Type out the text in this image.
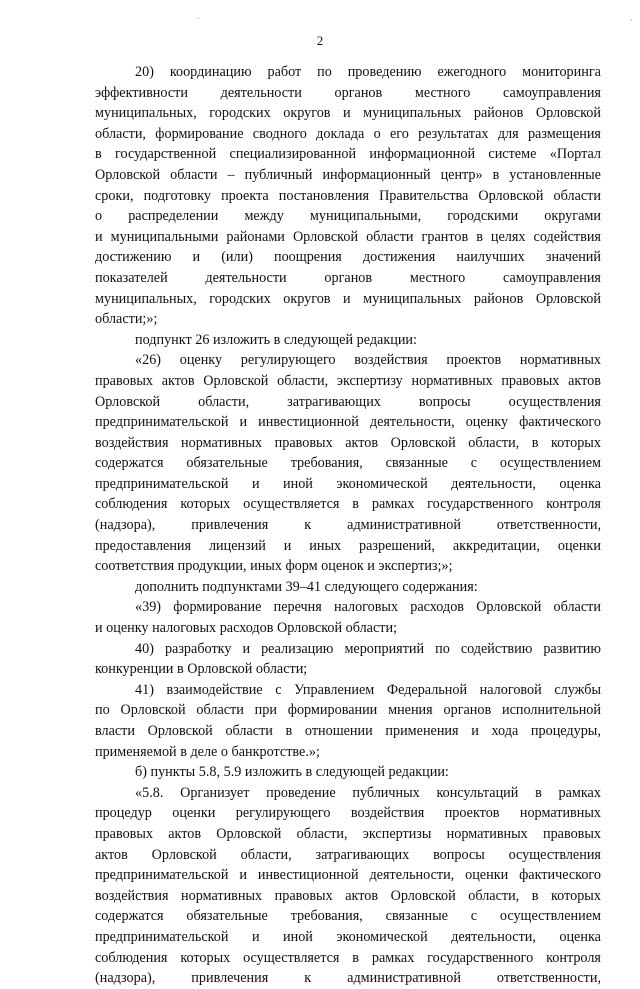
·	·
2
20) координацию работ по проведению ежегодного мониторинга
эффективности деятельности органов местного самоуправления
муниципальных, городских округов и муниципальных районов Орловской
области, формирование сводного доклада о его результатах для размещения
в государственной специализированной информационной системе «Портал
Орловской области – публичный информационный центр» в установленные
сроки, подготовку проекта постановления Правительства Орловской области
о распределении между муниципальными, городскими округами
и муниципальными районами Орловской области грантов в целях содействия
достижению и (или) поощрения достижения наилучших значений
показателей	деятельности	органов	местного	самоуправления
муниципальных, городских округов и муниципальных районов Орловской
области;»;
подпункт 26 изложить в следующей редакции:
«26) оценку регулирующего воздействия проектов нормативных
правовых актов Орловской области, экспертизу нормативных правовых актов
Орловской	области,	затрагивающих	вопросы	осуществления
предпринимательской и инвестиционной деятельности, оценку фактического
воздействия нормативных правовых актов Орловской области, в которых
содержатся обязательные требования, связанные с осуществлением
предпринимательской и иной экономической деятельности, оценка
соблюдения которых осуществляется в рамках государственного контроля
(надзора),	привлечения	к	административной	ответственности,
предоставления лицензий и иных разрешений, аккредитации, оценки
соответствия продукции, иных форм оценок и экспертиз;»;
дополнить подпунктами 39–41 следующего содержания:
«39) формирование перечня налоговых расходов Орловской области
и оценку налоговых расходов Орловской области;
40) разработку и реализацию мероприятий по содействию развитию
конкуренции в Орловской области;
41) взаимодействие с Управлением Федеральной налоговой службы
по Орловской области при формировании мнения органов исполнительной
власти Орловской области в отношении применения и хода процедуры,
применяемой в деле о банкротстве.»;
б) пункты 5.8, 5.9 изложить в следующей редакции:
«5.8. Организует проведение публичных консультаций в рамках
процедур оценки регулирующего воздействия проектов нормативных
правовых актов Орловской области, экспертизы нормативных правовых
актов Орловской области, затрагивающих вопросы осуществления
предпринимательской и инвестиционной деятельности, оценки фактического
воздействия нормативных правовых актов Орловской области, в которых
содержатся обязательные требования, связанные с осуществлением
предпринимательской и иной экономической деятельности, оценка
соблюдения которых осуществляется в рамках государственного контроля
(надзора),	привлечения	к	административной	ответственности,
